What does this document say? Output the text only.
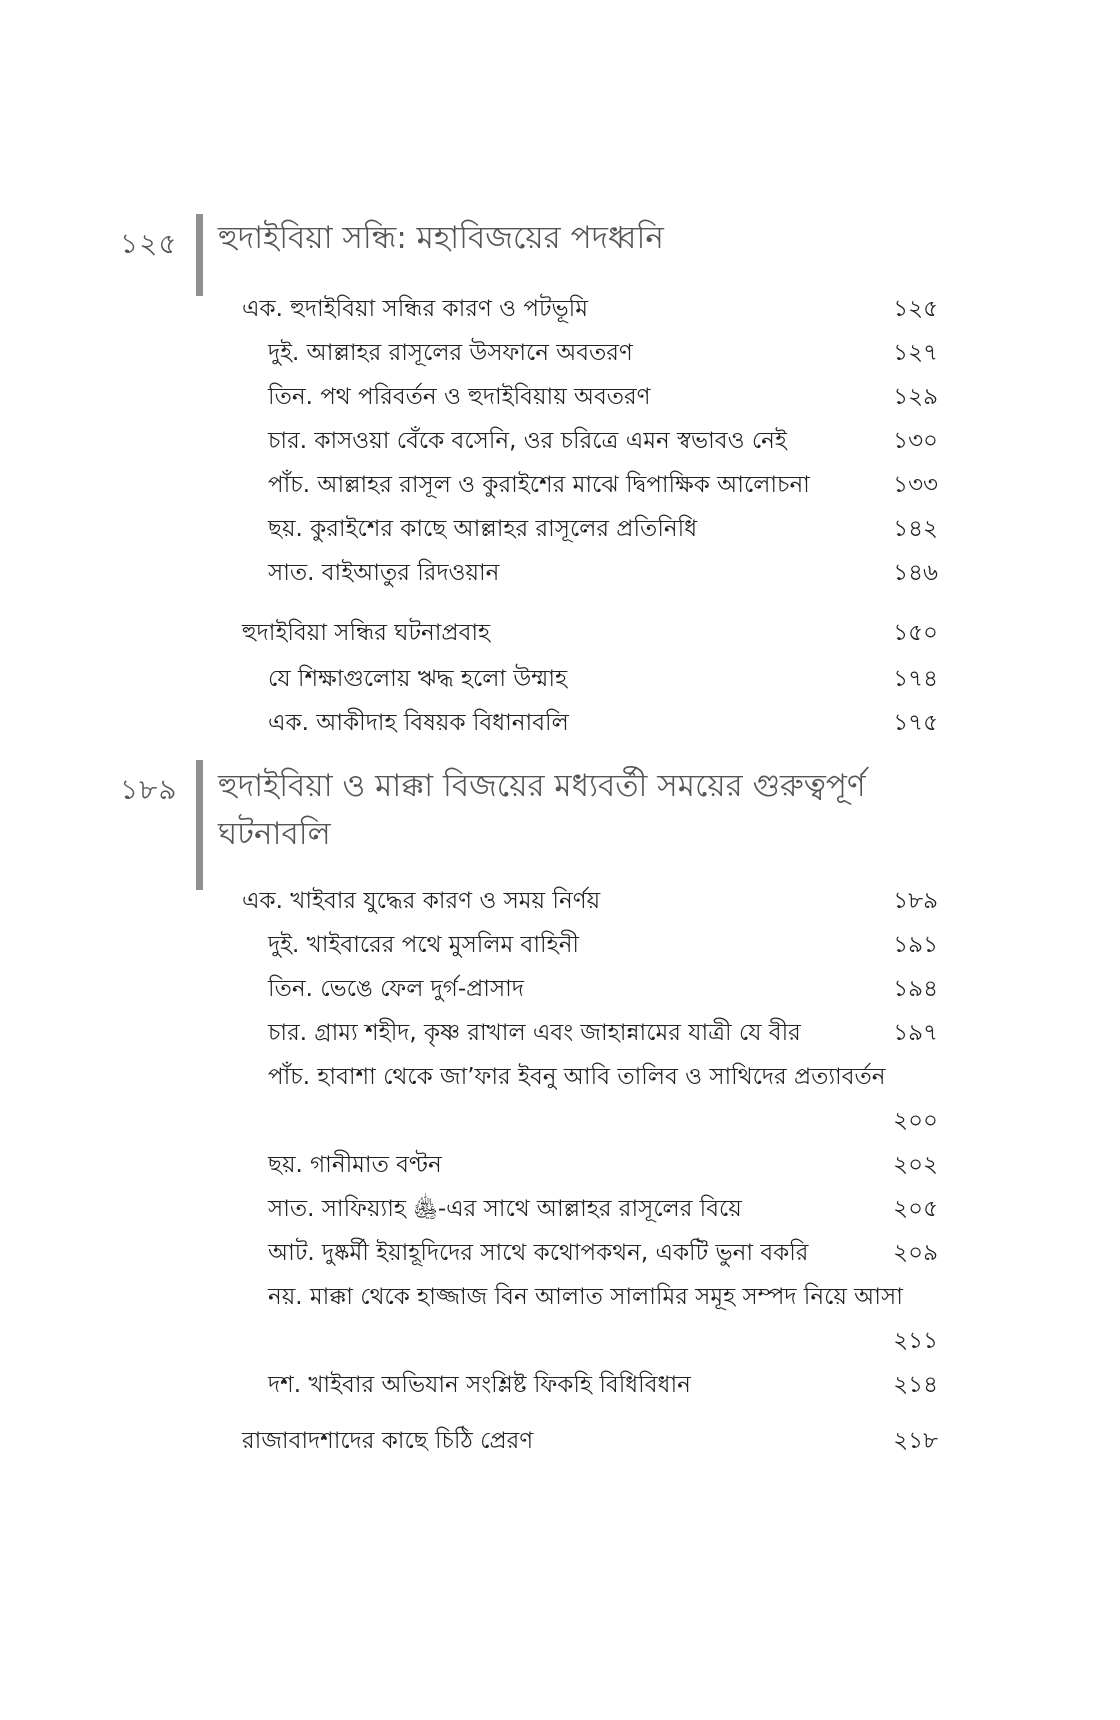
১২৫ হুদাইবিয়া সন্ধি: মহাবিজয়ের পদধ্বনি
এক. হুদাইবিয়া সন্ধির কারণ ও পটভূমি	১২৫
দুই. আল্লাহর রাসূলের উসফানে অবতরণ	১২৭
তিন. পথ পরিবর্তন ও হুদাইবিয়ায় অবতরণ	১২৯
চার. কাসওয়া বেঁকে বসেনি, ওর চরিত্রে এমন স্বভাবও নেই	১৩০
পাঁচ. আল্লাহর রাসূল ও কুরাইশের মাঝে দ্বিপাক্ষিক আলোচনা	১৩৩
ছয়. কুরাইশের কাছে আল্লাহর রাসূলের প্রতিনিধি	১৪২
সাত. বাইআতুর রিদওয়ান	১৪৬
হুদাইবিয়া সন্ধির ঘটনাপ্রবাহ	১৫০
যে শিক্ষাগুলোয় ঋদ্ধ হলো উম্মাহ	১৭৪
এক. আকীদাহ বিষয়ক বিধানাবলি	১৭৫
১৮৯ হুদাইবিয়া ও মাক্কা বিজয়ের মধ্যবর্তী সময়ের গুরুত্বপূর্ণ
ঘটনাবলি
এক. খাইবার যুদ্ধের কারণ ও সময় নির্ণয়	১৮৯
দুই. খাইবারের পথে মুসলিম বাহিনী	১৯১
তিন. ভেঙে ফেল দুর্গ-প্রাসাদ	১৯৪
চার. গ্রাম্য শহীদ, কৃষ্ণ রাখাল এবং জাহান্নামের যাত্রী যে বীর	১৯৭
পাঁচ. হাবাশা থেকে জা’ফার ইবনু আবি তালিব ও সাথিদের প্রত্যাবর্তন
২০০
ছয়. গানীমাত বণ্টন	২০২
সাত. সাফিয়্যাহ ﵅-এর সাথে আল্লাহর রাসূলের বিয়ে	২০৫
আট. দুষ্কর্মী ইয়াহূদিদের সাথে কথোপকথন, একটি ভুনা বকরি	২০৯
নয়. মাক্কা থেকে হাজ্জাজ বিন আলাত সালামির সমূহ সম্পদ নিয়ে আসা
২১১
দশ. খাইবার অভিযান সংশ্লিষ্ট ফিকহি বিধিবিধান	২১৪
রাজাবাদশাদের কাছে চিঠি প্রেরণ	২১৮
